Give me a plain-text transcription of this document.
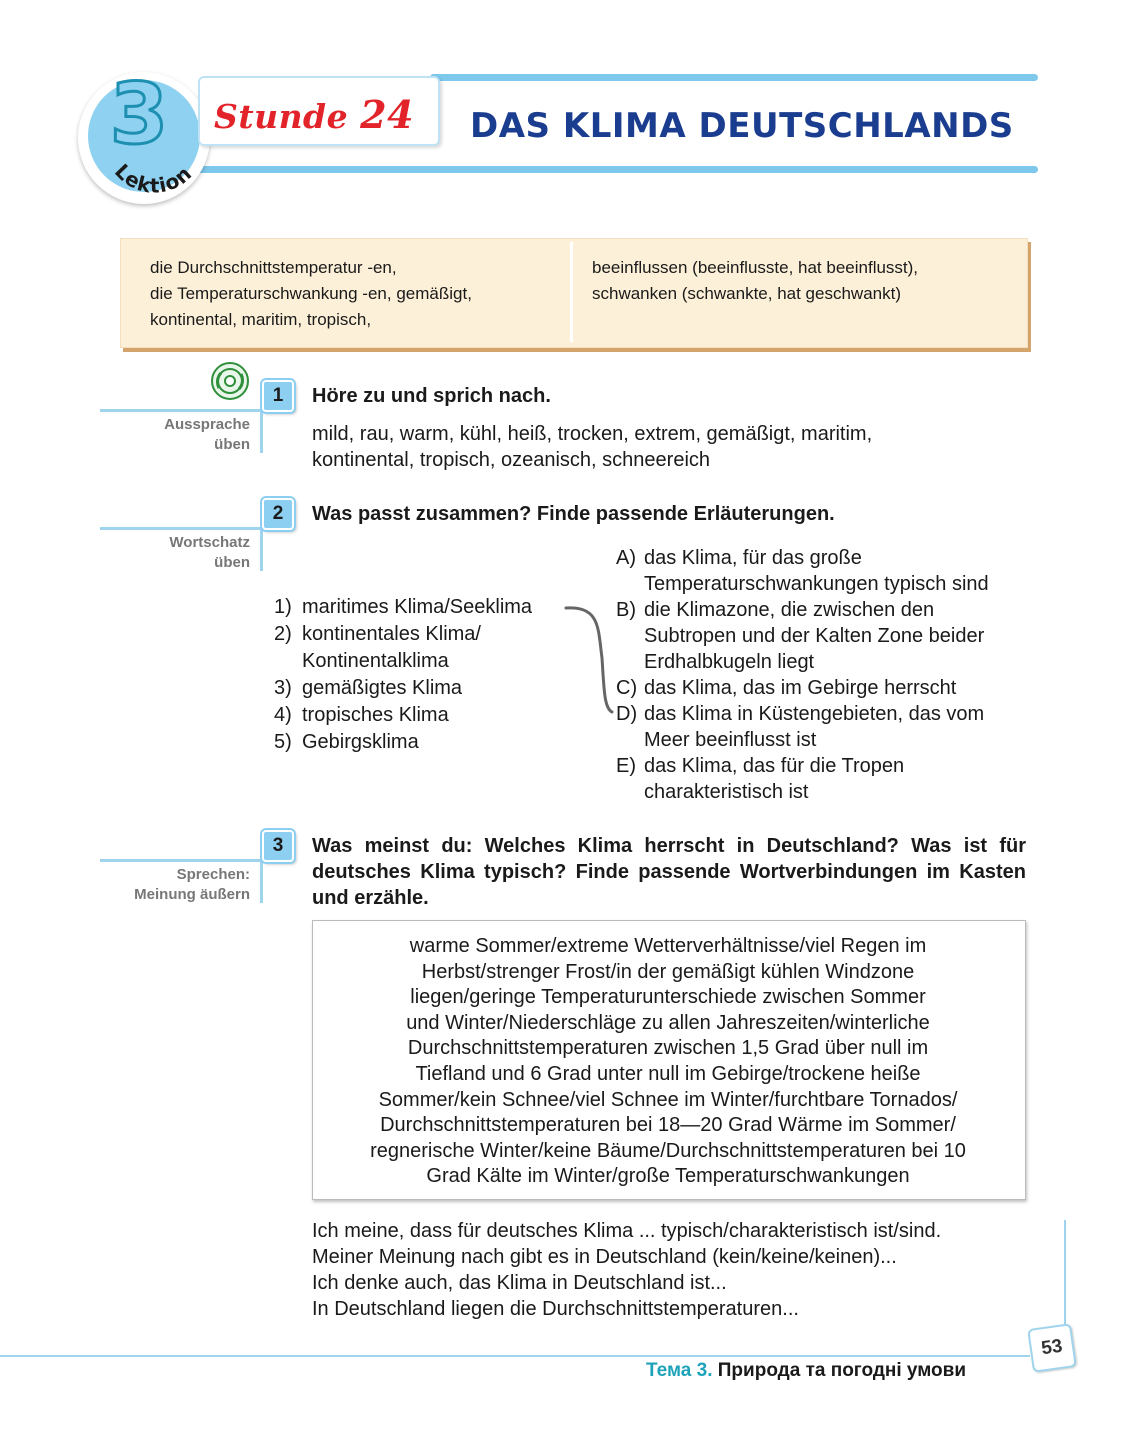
3
Lektion
Stunde 24 DAS KLIMA DEUTSCHLANDS
die Durchschnittstemperatur -en,
die Temperaturschwankung -en, gemäßigt,
kontinental, maritim, tropisch,
beeinflussen (beeinflusste, hat beeinflusst),
schwanken (schwankte, hat geschwankt)
Aussprache
üben
1	Höre zu und sprich nach.
mild, rau, warm, kühl, heiß, trocken, extrem, gemäßigt, maritim,
kontinental, tropisch, ozeanisch, schneereich
Wortschatz
üben
2	Was passt zusammen? Finde passende Erläuterungen.
1) maritimes Klima/Seeklima
2) kontinentales Klima/
Kontinentalklima
3) gemäßigtes Klima
4) tropisches Klima
5) Gebirgsklima
A) das Klima, für das große
Temperaturschwankungen typisch sind
B) die Klimazone, die zwischen den
Subtropen und der Kalten Zone beider
Erdhalbkugeln liegt
C) das Klima, das im Gebirge herrscht
D) das Klima in Küstengebieten, das vom
Meer beeinflusst ist
E) das Klima, das für die Tropen
charakteristisch ist
Sprechen:
Meinung äußern
3	Was meinst du: Welches Klima herrscht in Deutschland? Was ist für deutsches Klima typisch? Finde passende Wortverbindungen im Kasten und erzähle.
warme Sommer/extreme Wetterverhältnisse/viel Regen im
Herbst/strenger Frost/in der gemäßigt kühlen Windzone
liegen/geringe Temperaturunterschiede zwischen Sommer
und Winter/Niederschläge zu allen Jahreszeiten/winterliche
Durchschnittstemperaturen zwischen 1,5 Grad über null im
Tiefland und 6 Grad unter null im Gebirge/trockene heiße
Sommer/kein Schnee/viel Schnee im Winter/furchtbare Tornados/
Durchschnittstemperaturen bei 18—20 Grad Wärme im Sommer/
regnerische Winter/keine Bäume/Durchschnittstemperaturen bei 10
Grad Kälte im Winter/große Temperaturschwankungen
Ich meine, dass für deutsches Klima ... typisch/charakteristisch ist/sind.
Meiner Meinung nach gibt es in Deutschland (kein/keine/keinen)...
Ich denke auch, das Klima in Deutschland ist...
In Deutschland liegen die Durchschnittstemperaturen...
53
Тема 3. Природа та погодні умови
